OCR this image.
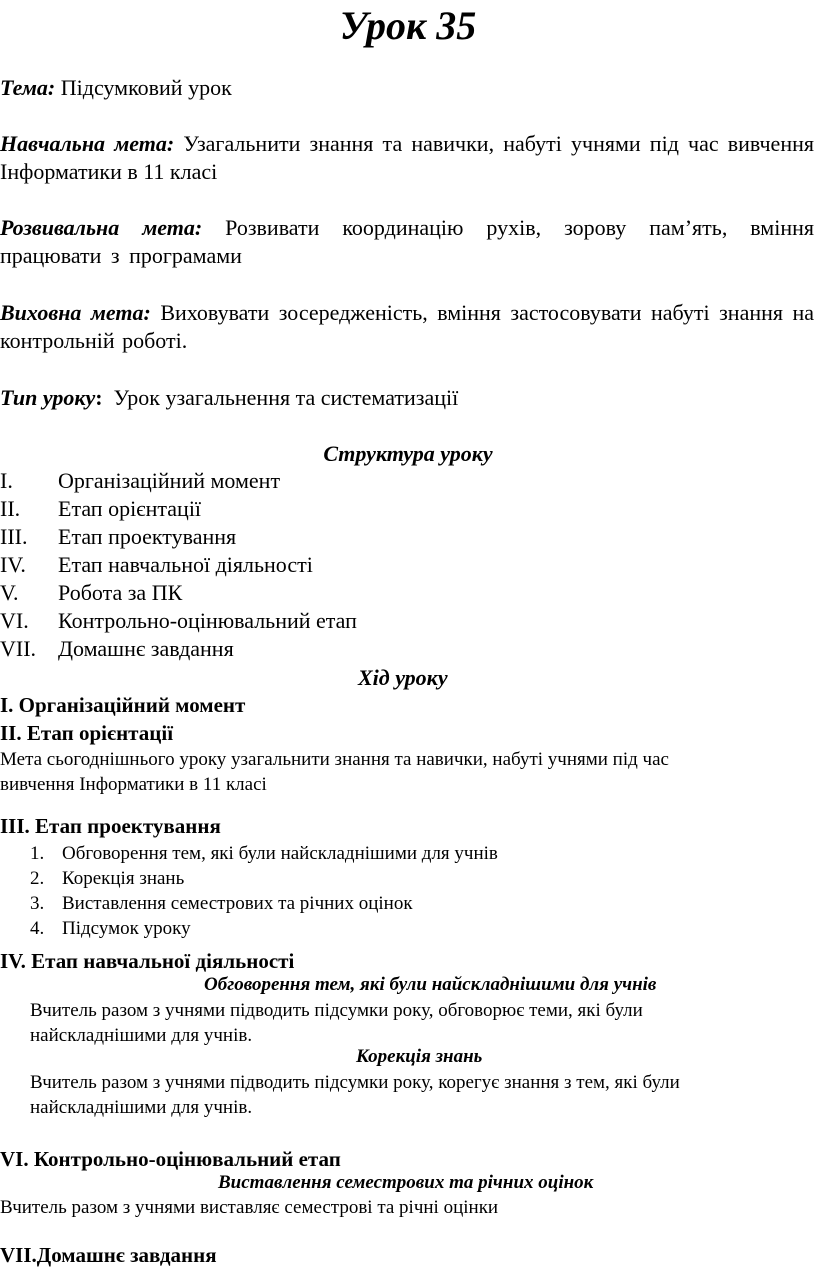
Урок 35
Тема: Підсумковий урок
Навчальна мета: Узагальнити знання та навички, набуті учнями під час вивчення Інформатики в 11 класі
Розвивальна мета: Розвивати координацію рухів, зорову пам’ять, вміння працювати з програмами
Виховна мета: Виховувати зосередженість, вміння застосовувати набуті знання на контрольній роботі.
Тип уроку:  Урок узагальнення та систематизації
Структура уроку
I. Організаційний момент
II. Етап орієнтації
III. Етап проектування
IV. Етап навчальної діяльності
V. Робота за ПК
VI. Контрольно-оцінювальний етап
VII. Домашнє завдання
Хід уроку
I. Організаційний момент
II. Етап орієнтації
Мета сьогоднішнього уроку узагальнити знання та навички, набуті учнями під час
вивчення Інформатики в 11 класі
III. Етап проектування
1. Обговорення тем, які були найскладнішими для учнів
2. Корекція знань
3. Виставлення семестрових та річних оцінок
4. Підсумок уроку
IV. Етап навчальної діяльності
Обговорення тем, які були найскладнішими для учнів
Вчитель разом з учнями підводить підсумки року, обговорює теми, які були
найскладнішими для учнів.
Корекція знань
Вчитель разом з учнями підводить підсумки року, корегує знання з тем, які були
найскладнішими для учнів.
VI. Контрольно-оцінювальний етап
Виставлення семестрових та річних оцінок
Вчитель разом з учнями виставляє семестрові та річні оцінки
VII.Домашнє завдання
